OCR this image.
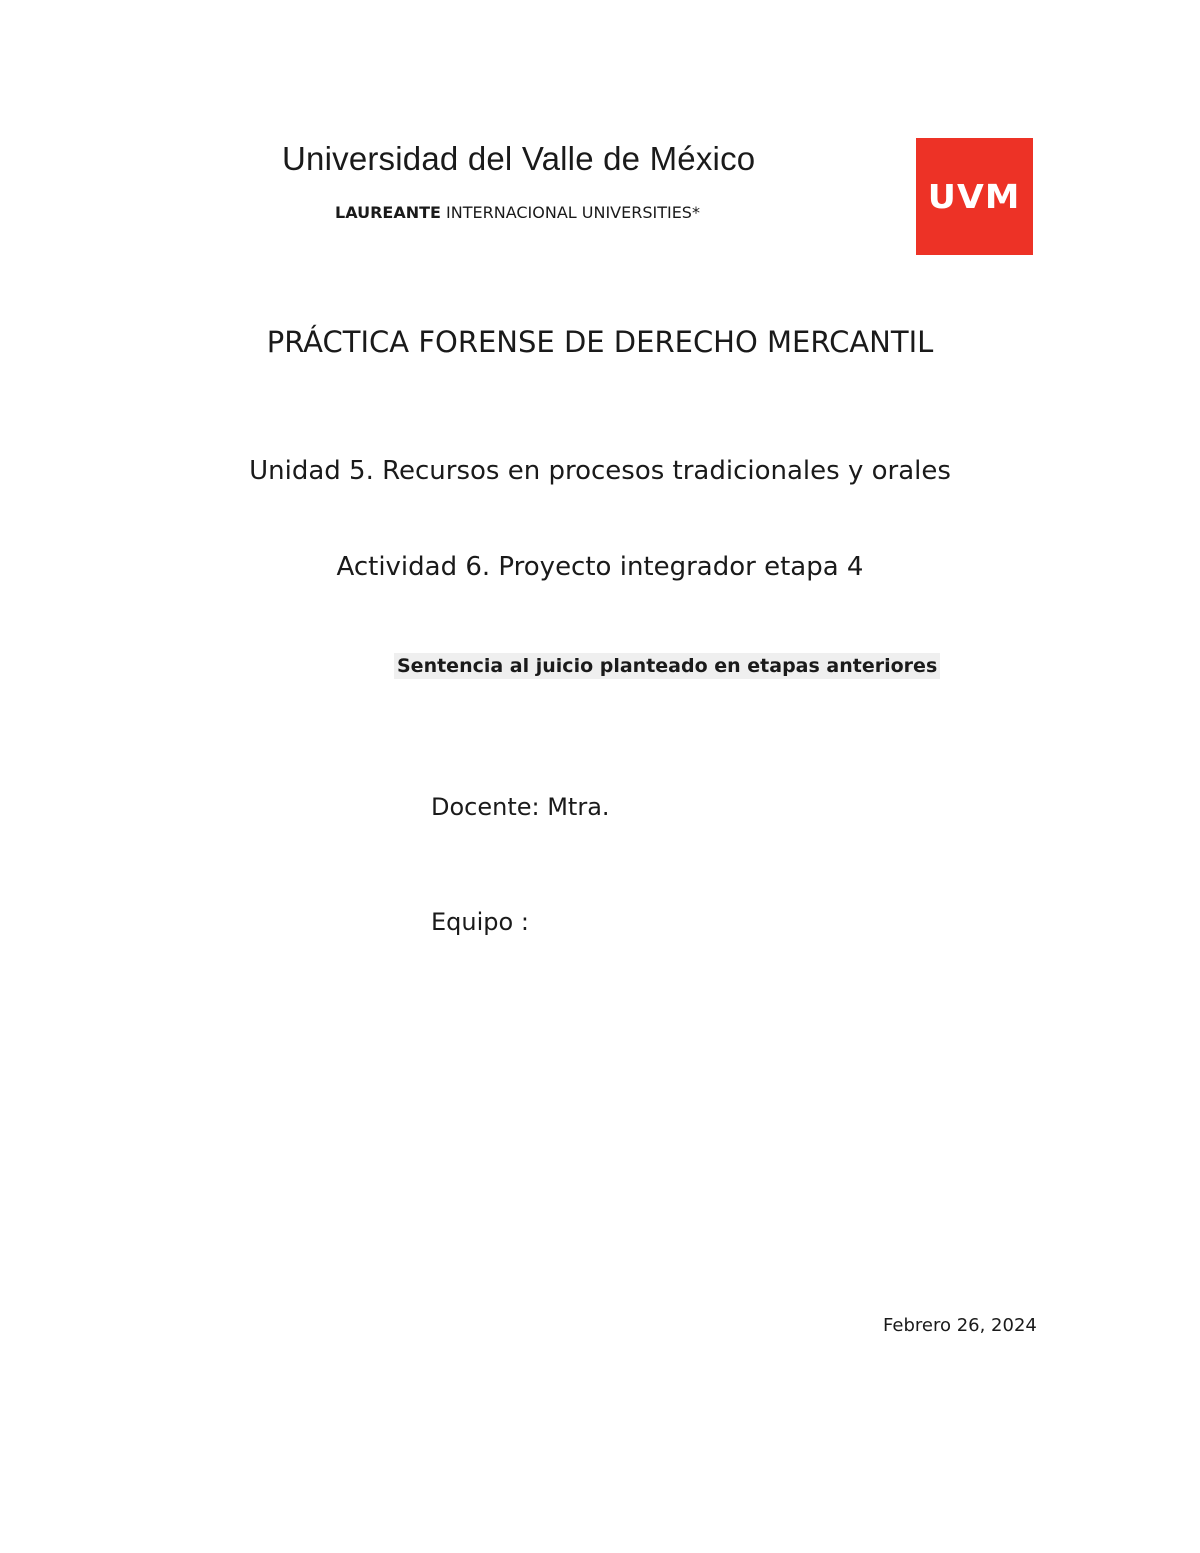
Universidad del Valle de México
LAUREANTE INTERNACIONAL UNIVERSITIES*	UVM
PRÁCTICA FORENSE DE DERECHO MERCANTIL
Unidad 5. Recursos en procesos tradicionales y orales
Actividad 6. Proyecto integrador etapa 4
Sentencia al juicio planteado en etapas anteriores
Docente: Mtra.
Equipo :
Febrero 26, 2024
